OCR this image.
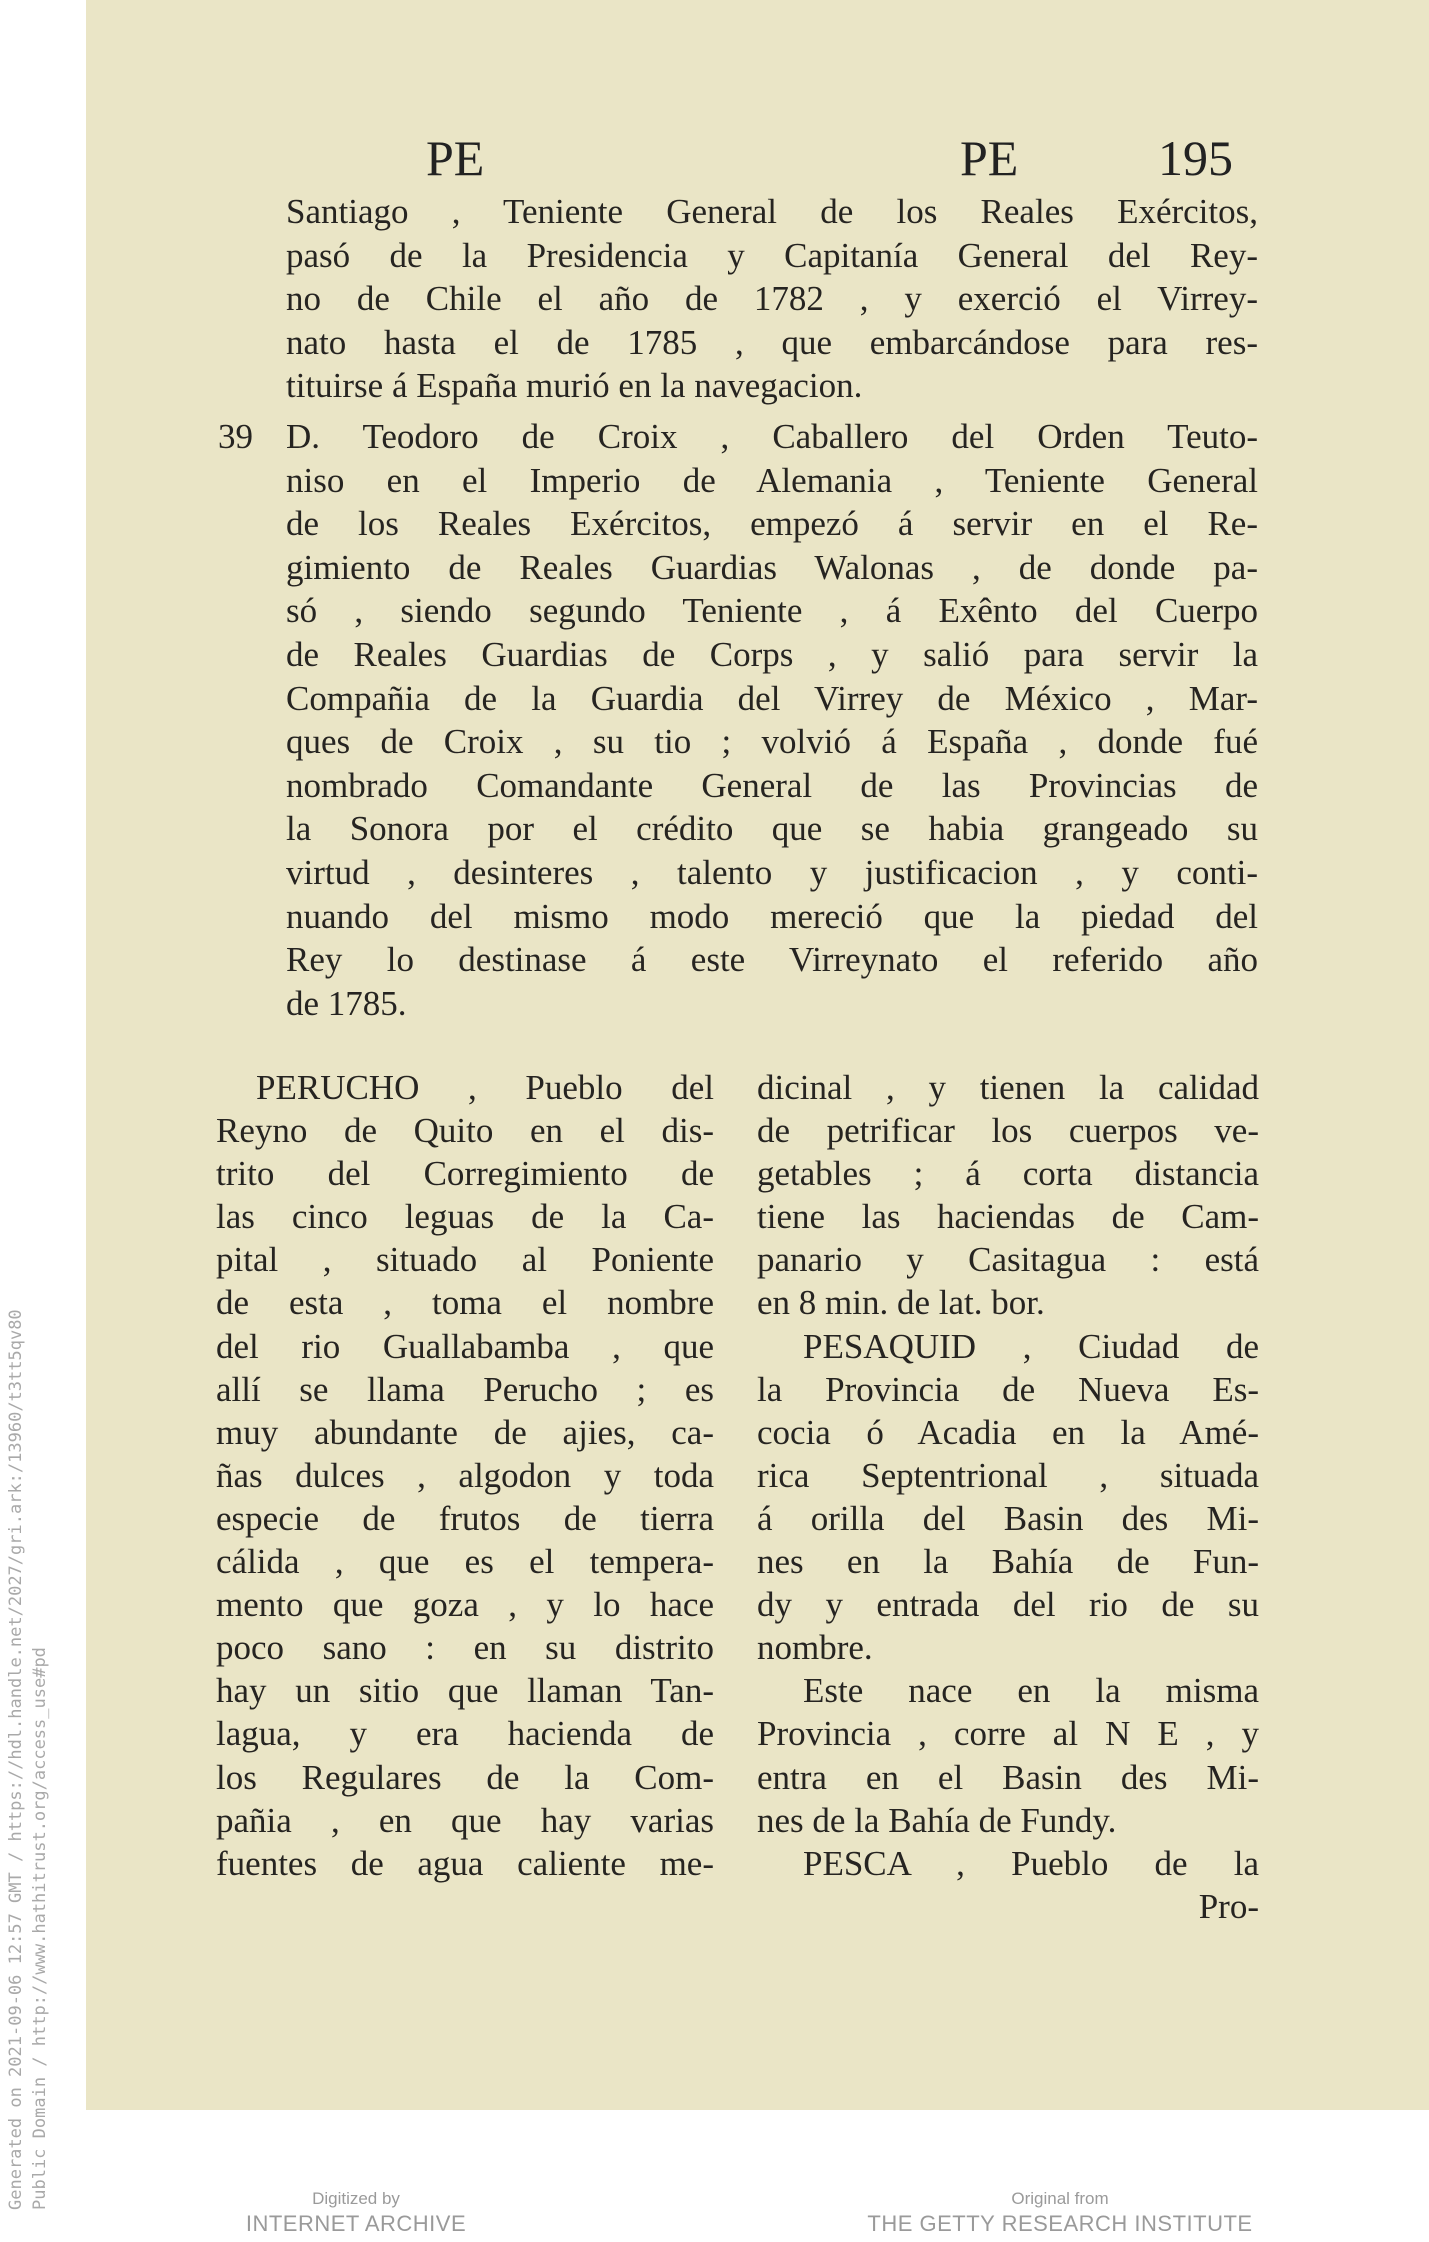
Generated on 2021-09-06 12:57 GMT / https://hdl.handle.net/2027/gri.ark:/13960/t3tt5qv80 Public Domain / http://www.hathitrust.org/access_use#pd
PE	PE	195
Santiago , Teniente General de los Reales Exércitos,
pasó de la Presidencia y Capitanía General del Rey-
no de Chile el año de 1782 , y exerció el Virrey-
nato hasta el de 1785 , que embarcándose para res-
tituirse á España murió en la navegacion.
39 D. Teodoro de Croix , Caballero del Orden Teuto-
niso en el Imperio de Alemania , Teniente General
de los Reales Exércitos, empezó á servir en el Re-
gimiento de Reales Guardias Walonas , de donde pa-
só , siendo segundo Teniente , á Exênto del Cuerpo
de Reales Guardias de Corps , y salió para servir la
Compañia de la Guardia del Virrey de México , Mar-
ques de Croix , su tio ; volvió á España , donde fué
nombrado Comandante General de las Provincias de
la Sonora por el crédito que se habia grangeado su
virtud , desinteres , talento y justificacion , y conti-
nuando del mismo modo mereció que la piedad del
Rey lo destinase á este Virreynato el referido año
de 1785.
PERUCHO , Pueblo del
Reyno de Quito en el dis-
trito del Corregimiento de
las cinco leguas de la Ca-
pital , situado al Poniente
de esta , toma el nombre
del rio Guallabamba , que
allí se llama Perucho ; es
muy abundante de ajies, ca-
ñas dulces , algodon y toda
especie de frutos de tierra
cálida , que es el tempera-
mento que goza , y lo hace
poco sano : en su distrito
hay un sitio que llaman Tan-
lagua, y era hacienda de
los Regulares de la Com-
pañia , en que hay varias
fuentes de agua caliente me-
dicinal , y tienen la calidad
de petrificar los cuerpos ve-
getables ; á corta distancia
tiene las haciendas de Cam-
panario y Casitagua : está
en 8 min. de lat. bor.
PESAQUID , Ciudad de
la Provincia de Nueva Es-
cocia ó Acadia en la Amé-
rica Septentrional , situada
á orilla del Basin des Mi-
nes en la Bahía de Fun-
dy y entrada del rio de su
nombre.
Este nace en la misma
Provincia , corre al N E , y
entra en el Basin des Mi-
nes de la Bahía de Fundy.
PESCA , Pueblo de la
Pro-
Digitized by
INTERNET ARCHIVE
Original from
THE GETTY RESEARCH INSTITUTE
